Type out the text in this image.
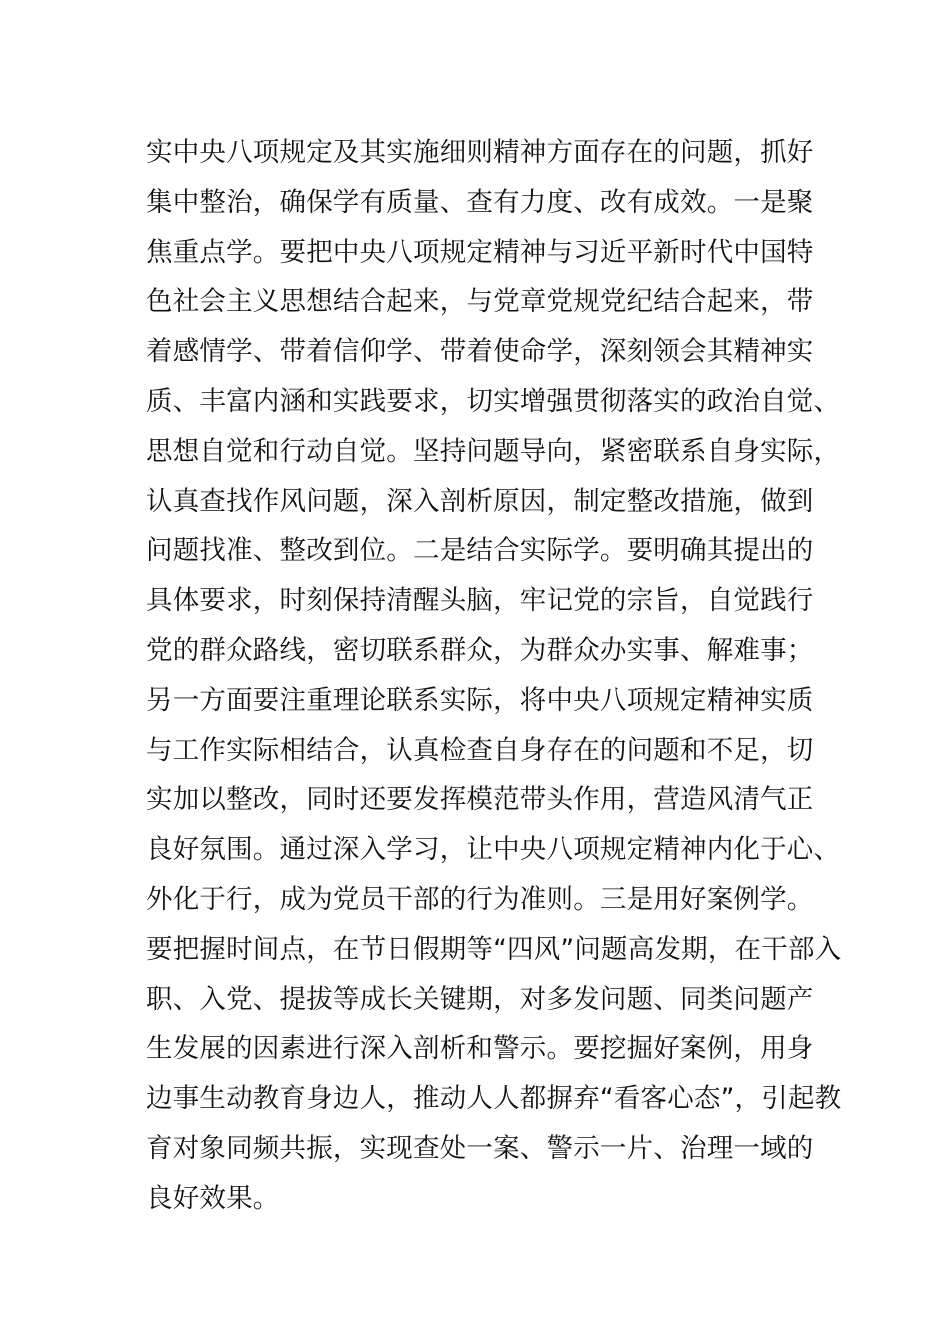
实中央八项规定及其实施细则精神方面存在的问题，抓好
集中整治，确保学有质量、查有力度、改有成效。一是聚
焦重点学。要把中央八项规定精神与习近平新时代中国特
色社会主义思想结合起来，与党章党规党纪结合起来，带
着感情学、带着信仰学、带着使命学，深刻领会其精神实
质、丰富内涵和实践要求，切实增强贯彻落实的政治自觉、
思想自觉和行动自觉。坚持问题导向，紧密联系自身实际，
认真查找作风问题，深入剖析原因，制定整改措施，做到
问题找准、整改到位。二是结合实际学。要明确其提出的
具体要求，时刻保持清醒头脑，牢记党的宗旨，自觉践行
党的群众路线，密切联系群众，为群众办实事、解难事；
另一方面要注重理论联系实际，将中央八项规定精神实质
与工作实际相结合，认真检查自身存在的问题和不足，切
实加以整改，同时还要发挥模范带头作用，营造风清气正
良好氛围。通过深入学习，让中央八项规定精神内化于心、
外化于行，成为党员干部的行为准则。三是用好案例学。
要把握时间点，在节日假期等“四风”问题高发期，在干部入
职、入党、提拔等成长关键期，对多发问题、同类问题产
生发展的因素进行深入剖析和警示。要挖掘好案例，用身
边事生动教育身边人，推动人人都摒弃“看客心态”，引起教
育对象同频共振，实现查处一案、警示一片、治理一域的
良好效果。
